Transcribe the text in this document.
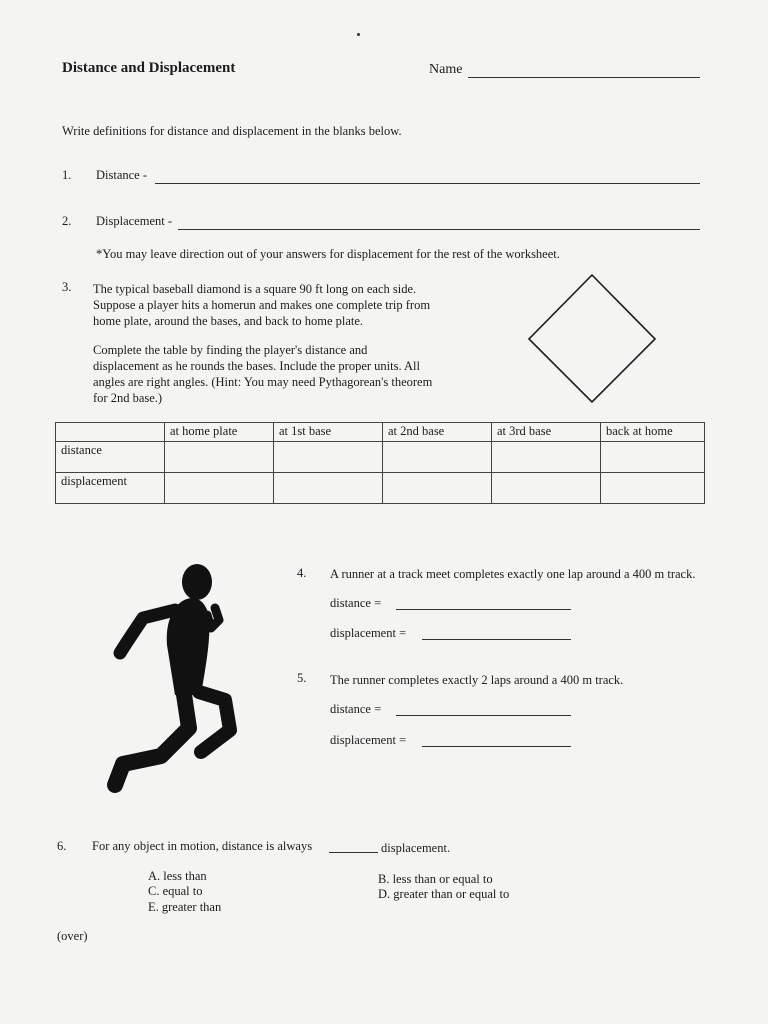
Distance and Displacement	Name
Write definitions for distance and displacement in the blanks below.
1. Distance -
2. Displacement -
*You may leave direction out of your answers for displacement for the rest of the worksheet.
3. The typical baseball diamond is a square 90 ft long on each side.
Suppose a player hits a homerun and makes one complete trip from
home plate, around the bases, and back to home plate.
Complete the table by finding the player's distance and
displacement as he rounds the bases. Include the proper units. All
angles are right angles. (Hint: You may need Pythagorean's theorem
for 2nd base.)
	at home plate	at 1st base	at 2nd base	at 3rd base	back at home
distance					
displacement					
4. A runner at a track meet completes exactly one lap around a 400 m track.
distance =
displacement =
5. The runner completes exactly 2 laps around a 400 m track.
distance =
displacement =
6. For any object in motion, distance is always	displacement.
A. less than
C. equal to
E. greater than
B. less than or equal to
D. greater than or equal to
(over)
